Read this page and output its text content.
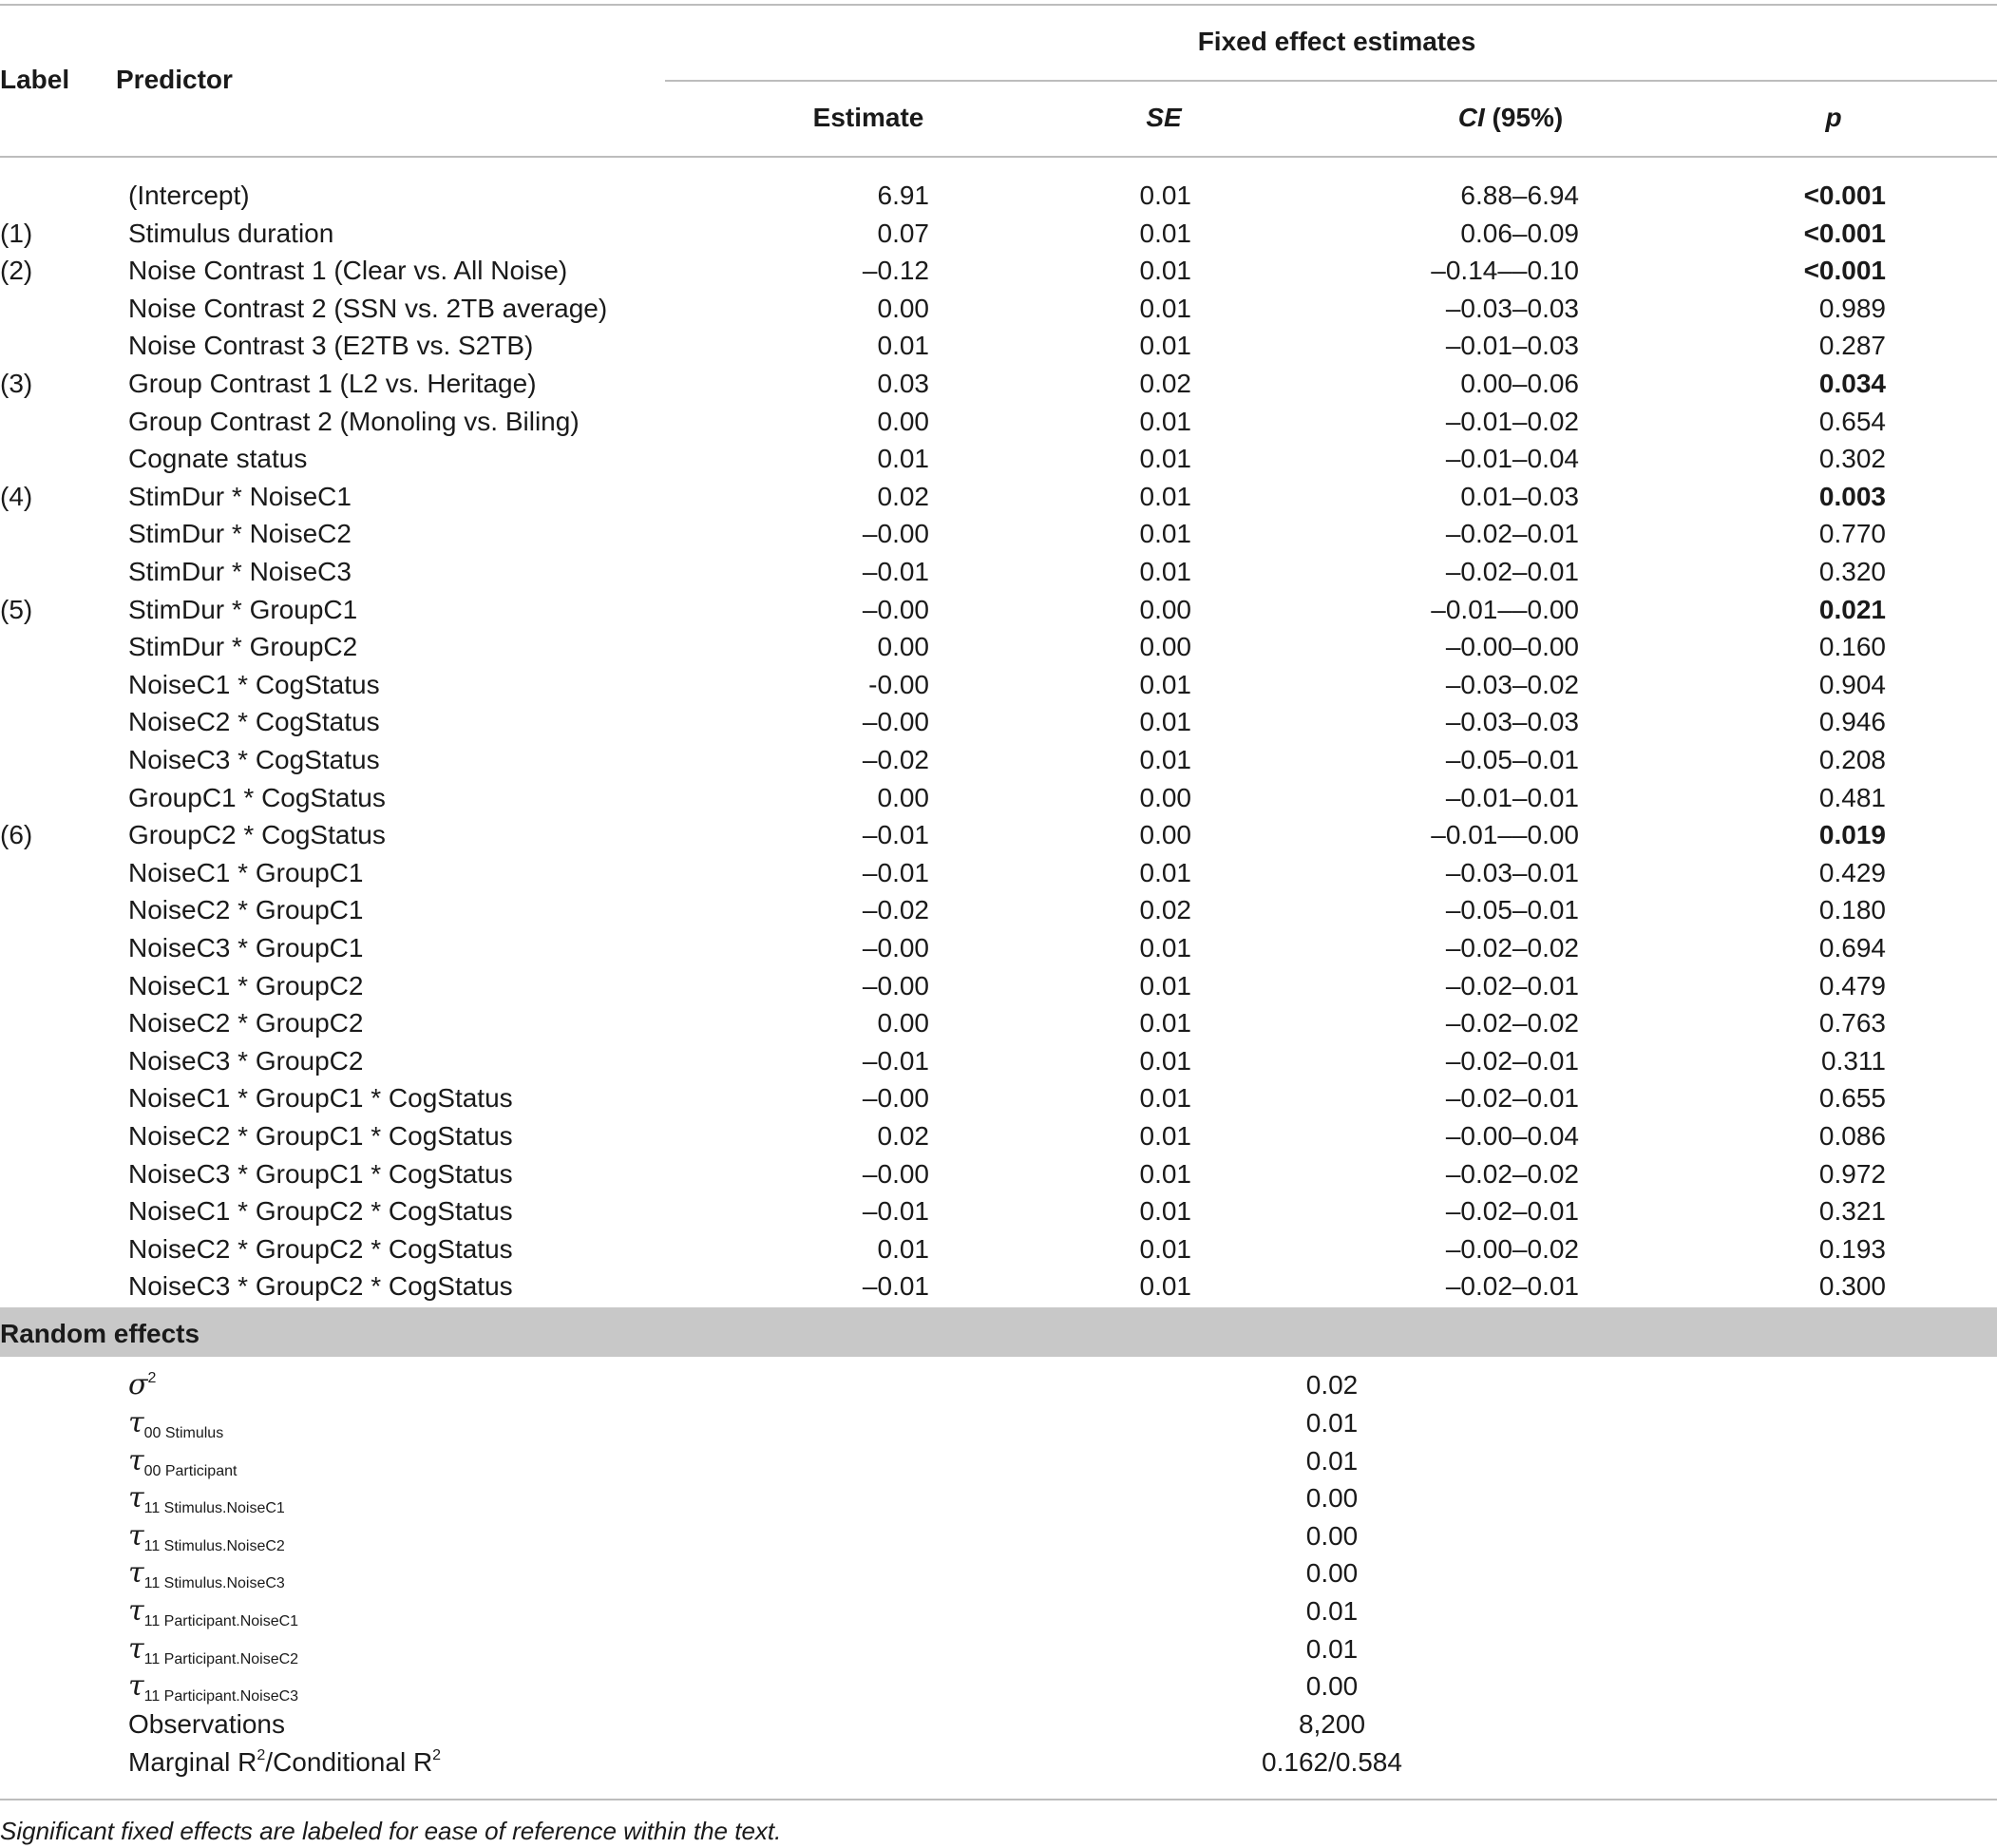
Label Predictor
Fixed effect estimates
Estimate	SE	CI (95%)	p
(Intercept)	6.91	0.01	6.88–6.94	<0.001
(1)	Stimulus duration	0.07	0.01	0.06–0.09	<0.001
(2)	Noise Contrast 1 (Clear vs. All Noise)	–0.12	0.01	–0.14––0.10	<0.001
Noise Contrast 2 (SSN vs. 2TB average)	0.00	0.01	–0.03–0.03	0.989
Noise Contrast 3 (E2TB vs. S2TB)	0.01	0.01	–0.01–0.03	0.287
(3)	Group Contrast 1 (L2 vs. Heritage)	0.03	0.02	0.00–0.06	0.034
Group Contrast 2 (Monoling vs. Biling)	0.00	0.01	–0.01–0.02	0.654
Cognate status	0.01	0.01	–0.01–0.04	0.302
(4)	StimDur * NoiseC1	0.02	0.01	0.01–0.03	0.003
StimDur * NoiseC2	–0.00	0.01	–0.02–0.01	0.770
StimDur * NoiseC3	–0.01	0.01	–0.02–0.01	0.320
(5)	StimDur * GroupC1	–0.00	0.00	–0.01––0.00	0.021
StimDur * GroupC2	0.00	0.00	–0.00–0.00	0.160
NoiseC1 * CogStatus	-0.00	0.01	–0.03–0.02	0.904
NoiseC2 * CogStatus	–0.00	0.01	–0.03–0.03	0.946
NoiseC3 * CogStatus	–0.02	0.01	–0.05–0.01	0.208
GroupC1 * CogStatus	0.00	0.00	–0.01–0.01	0.481
(6)	GroupC2 * CogStatus	–0.01	0.00	–0.01––0.00	0.019
NoiseC1 * GroupC1	–0.01	0.01	–0.03–0.01	0.429
NoiseC2 * GroupC1	–0.02	0.02	–0.05–0.01	0.180
NoiseC3 * GroupC1	–0.00	0.01	–0.02–0.02	0.694
NoiseC1 * GroupC2	–0.00	0.01	–0.02–0.01	0.479
NoiseC2 * GroupC2	0.00	0.01	–0.02–0.02	0.763
NoiseC3 * GroupC2	–0.01	0.01	–0.02–0.01	0.311
NoiseC1 * GroupC1 * CogStatus	–0.00	0.01	–0.02–0.01	0.655
NoiseC2 * GroupC1 * CogStatus	0.02	0.01	–0.00–0.04	0.086
NoiseC3 * GroupC1 * CogStatus	–0.00	0.01	–0.02–0.02	0.972
NoiseC1 * GroupC2 * CogStatus	–0.01	0.01	–0.02–0.01	0.321
NoiseC2 * GroupC2 * CogStatus	0.01	0.01	–0.00–0.02	0.193
NoiseC3 * GroupC2 * CogStatus	–0.01	0.01	–0.02–0.01	0.300
Random effects
$\sigma^2$	0.02
$\tau_{00 Stimulus}$	0.01
$\tau_{00 Participant}$	0.01
$\tau_{11 Stimulus.NoiseC1}$	0.00
$\tau_{11 Stimulus.NoiseC2}$	0.00
$\tau_{11 Stimulus.NoiseC3}$	0.00
$\tau_{11 Participant.NoiseC1}$	0.01
$\tau_{11 Participant.NoiseC2}$	0.01
$\tau_{11 Participant.NoiseC3}$	0.00
Observations	8,200
Marginal $R^2$/Conditional $R^2$	0.162/0.584
Significant fixed effects are labeled for ease of reference within the text.
